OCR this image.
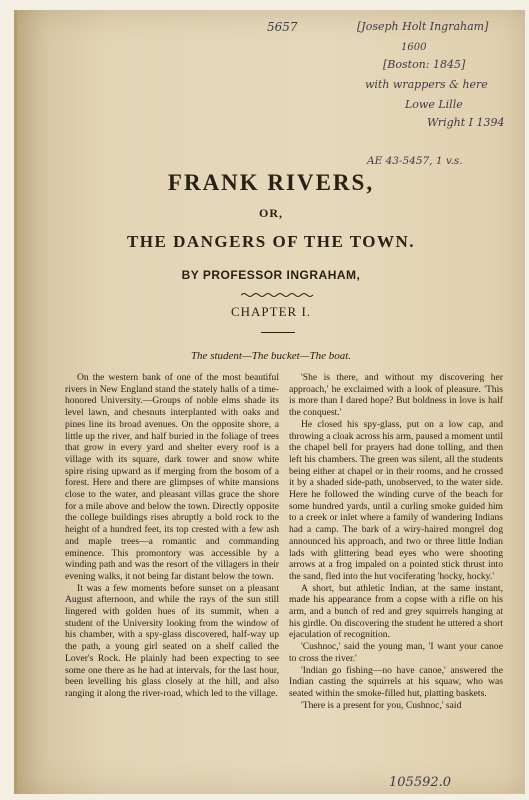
5657	[Joseph Holt Ingraham]
1600
[Boston: 1845]
with wrappers & here
Lowe Lille
Wright I 1394
AE 43-5457, 1 v.s.
FRANK RIVERS,
OR,
THE DANGERS OF THE TOWN.
BY PROFESSOR INGRAHAM,
CHAPTER I.
The student—The bucket—The boat.

On the western bank of one of the most beautiful rivers in New England stand the stately halls of a time-honored University.—Groups of noble elms shade its level lawn, and chesnuts interplanted with oaks and pines line its broad avenues. On the opposite shore, a little up the river, and half buried in the foliage of trees that grow in every yard and shelter every roof is a village with its square, dark tower and snow white spire rising upward as if merging from the bosom of a forest. Here and there are glimpses of white mansions close to the water, and pleasant villas grace the shore for a mile above and below the town. Directly opposite the college buildings rises abruptly a bold rock to the height of a hundred feet, its top crested with a few ash and maple trees—a romantic and commanding eminence. This promontory was accessible by a winding path and was the resort of the villagers in their evening walks, it not being far distant below the town.

It was a few moments before sunset on a pleasant August afternoon, and while the rays of the sun still lingered with golden hues of its summit, when a student of the University looking from the window of his chamber, with a spy-glass discovered, half-way up the path, a young girl seated on a shelf called the Lover's Rock. He plainly had been expecting to see some one there as he had at intervals, for the last hour, been levelling his glass closely at the hill, and also ranging it along the river-road, which led to the village.

'She is there, and without my discovering her approach,' he exclaimed with a look of pleasure. 'This is more than I dared hope? But boldness in love is half the conquest.'

He closed his spy-glass, put on a low cap, and throwing a cloak across his arm, paused a moment until the chapel bell for prayers had done tolling, and then left his chambers. The green was silent, all the students being either at chapel or in their rooms, and he crossed it by a shaded side-path, unobserved, to the water side. Here he followed the winding curve of the beach for some hundred yards, until a curling smoke guided him to a creek or inlet where a family of wandering Indians had a camp. The bark of a wiry-haired mongrel dog announced his approach, and two or three little Indian lads with glittering bead eyes who were shooting arrows at a frog impaled on a pointed stick thrust into the sand, fled into the hut vociferating 'hocky, hocky.'

A short, but athletic Indian, at the same instant, made his appearance from a copse with a rifle on his arm, and a bunch of red and grey squirrels hanging at his girdle. On discovering the student he uttered a short ejaculation of recognition.

'Cushnoc,' said the young man, 'I want your canoe to cross the river.'

'Indian go fishing—no have canoe,' answered the Indian casting the squirrels at his squaw, who was seated within the smoke-filled hut, platting baskets.

'There is a present for you, Cushnoc,' said

105592.0
